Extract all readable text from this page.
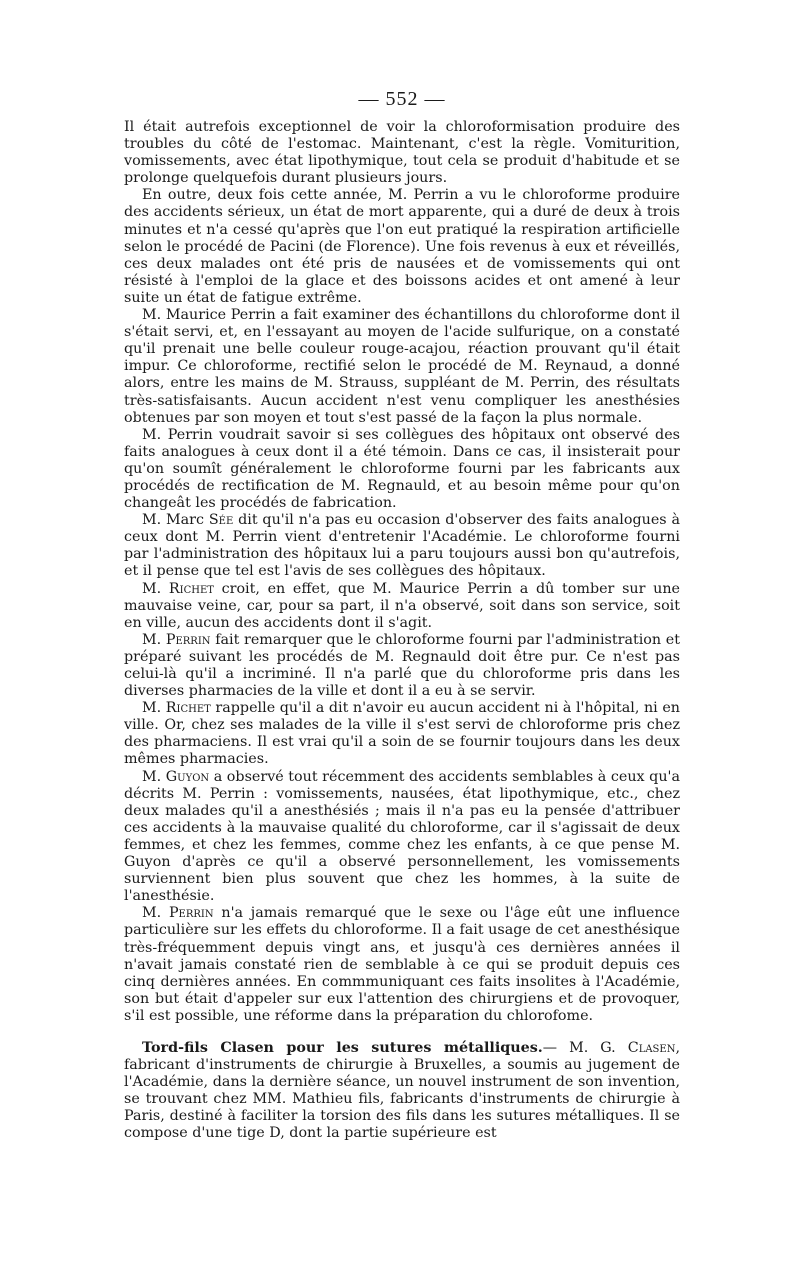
— 552 —

Il était autrefois exceptionnel de voir la chloroformisation produire des troubles du côté de l'estomac. Maintenant, c'est la règle. Vomiturition, vomissements, avec état lipothymique, tout cela se produit d'habitude et se prolonge quelquefois durant plusieurs jours.

En outre, deux fois cette année, M. Perrin a vu le chloroforme produire des accidents sérieux, un état de mort apparente, qui a duré de deux à trois minutes et n'a cessé qu'après que l'on eut pratiqué la respiration artificielle selon le procédé de Pacini (de Florence). Une fois revenus à eux et réveillés, ces deux malades ont été pris de nausées et de vomissements qui ont résisté à l'emploi de la glace et des boissons acides et ont amené à leur suite un état de fatigue extrême.

M. Maurice Perrin a fait examiner des échantillons du chloroforme dont il s'était servi, et, en l'essayant au moyen de l'acide sulfurique, on a constaté qu'il prenait une belle couleur rouge-acajou, réaction prouvant qu'il était impur. Ce chloroforme, rectifié selon le procédé de M. Reynaud, a donné alors, entre les mains de M. Strauss, suppléant de M. Perrin, des résultats très-satisfaisants. Aucun accident n'est venu compliquer les anesthésies obtenues par son moyen et tout s'est passé de la façon la plus normale.

M. Perrin voudrait savoir si ses collègues des hôpitaux ont observé des faits analogues à ceux dont il a été témoin. Dans ce cas, il insisterait pour qu'on soumît généralement le chloroforme fourni par les fabricants aux procédés de rectification de M. Regnauld, et au besoin même pour qu'on changeât les procédés de fabrication.

M. Marc Sée dit qu'il n'a pas eu occasion d'observer des faits analogues à ceux dont M. Perrin vient d'entretenir l'Académie. Le chloroforme fourni par l'administration des hôpitaux lui a paru toujours aussi bon qu'autrefois, et il pense que tel est l'avis de ses collègues des hôpitaux.

M. Richet croit, en effet, que M. Maurice Perrin a dû tomber sur une mauvaise veine, car, pour sa part, il n'a observé, soit dans son service, soit en ville, aucun des accidents dont il s'agit.

M. Perrin fait remarquer que le chloroforme fourni par l'administration et préparé suivant les procédés de M. Regnauld doit être pur. Ce n'est pas celui-là qu'il a incriminé. Il n'a parlé que du chloroforme pris dans les diverses pharmacies de la ville et dont il a eu à se servir.

M. Richet rappelle qu'il a dit n'avoir eu aucun accident ni à l'hôpital, ni en ville. Or, chez ses malades de la ville il s'est servi de chloroforme pris chez des pharmaciens. Il est vrai qu'il a soin de se fournir toujours dans les deux mêmes pharmacies.

M. Guyon a observé tout récemment des accidents semblables à ceux qu'a décrits M. Perrin : vomissements, nausées, état lipothymique, etc., chez deux malades qu'il a anesthésiés ; mais il n'a pas eu la pensée d'attribuer ces accidents à la mauvaise qualité du chloroforme, car il s'agissait de deux femmes, et chez les femmes, comme chez les enfants, à ce que pense M. Guyon d'après ce qu'il a observé personnellement, les vomissements surviennent bien plus souvent que chez les hommes, à la suite de l'anesthésie.

M. Perrin n'a jamais remarqué que le sexe ou l'âge eût une influence particulière sur les effets du chloroforme. Il a fait usage de cet anesthésique très-fréquemment depuis vingt ans, et jusqu'à ces dernières années il n'avait jamais constaté rien de semblable à ce qui se produit depuis ces cinq dernières années. En commmuniquant ces faits insolites à l'Académie, son but était d'appeler sur eux l'attention des chirurgiens et de provoquer, s'il est possible, une réforme dans la préparation du chlorofome.

Tord-fils Clasen pour les sutures métalliques.— M. G. Clasen, fabricant d'instruments de chirurgie à Bruxelles, a soumis au jugement de l'Académie, dans la dernière séance, un nouvel instrument de son invention, se trouvant chez MM. Mathieu fils, fabricants d'instruments de chirurgie à Paris, destiné à faciliter la torsion des fils dans les sutures métalliques. Il se compose d'une tige D, dont la partie supérieure est
